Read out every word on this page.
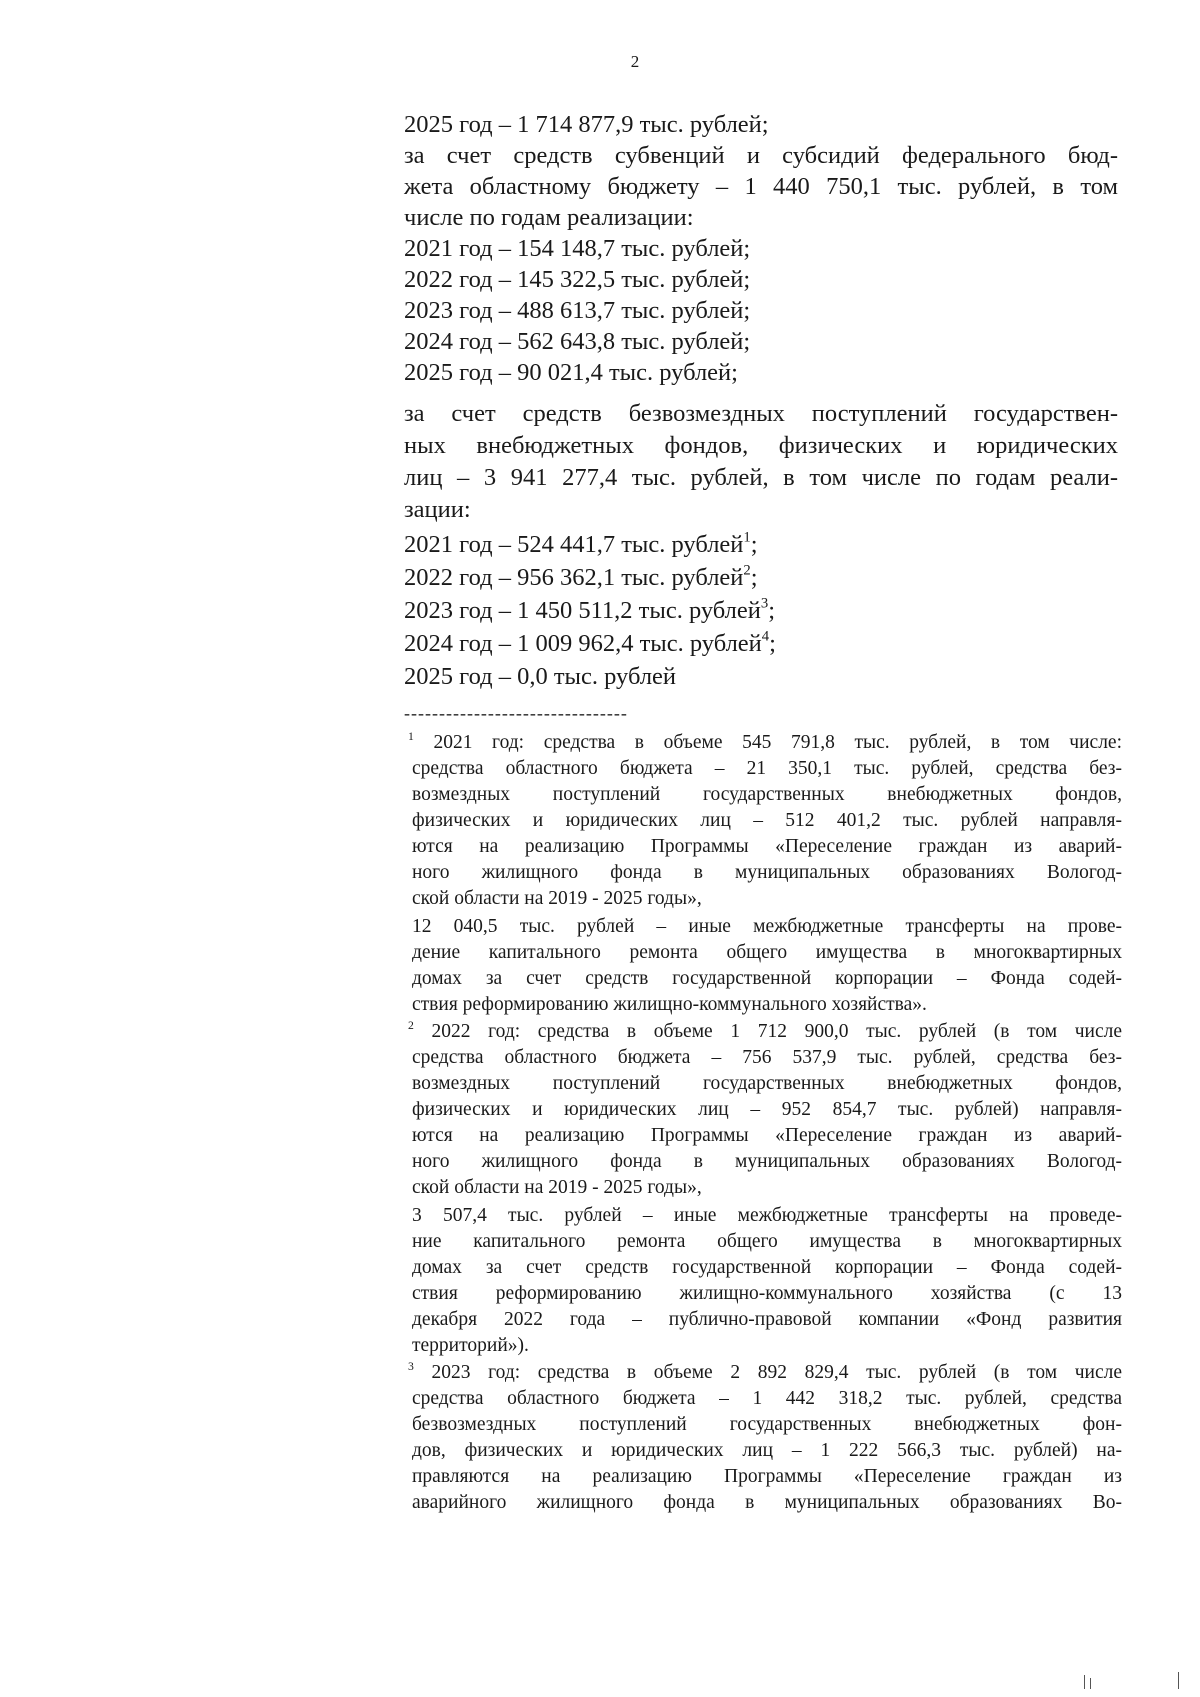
2
2025 год – 1 714 877,9 тыс. рублей;
за счет средств субвенций и субсидий федерального бюд-
жета областному бюджету – 1 440 750,1 тыс. рублей, в том
числе по годам реализации:
2021 год – 154 148,7 тыс. рублей;
2022 год – 145 322,5 тыс. рублей;
2023 год – 488 613,7 тыс. рублей;
2024 год – 562 643,8 тыс. рублей;
2025 год – 90 021,4 тыс. рублей;
за счет средств безвозмездных поступлений государствен-
ных внебюджетных фондов, физических и юридических
лиц – 3 941 277,4 тыс. рублей, в том числе по годам реали-
зации:
2021 год – 524 441,7 тыс. рублей$^1$;
2022 год – 956 362,1 тыс. рублей$^2$;
2023 год – 1 450 511,2 тыс. рублей$^3$;
2024 год – 1 009 962,4 тыс. рублей$^4$;
2025 год – 0,0 тыс. рублей
--------------------------------
$^1$ 2021 год: средства в объеме 545 791,8 тыс. рублей, в том числе:
средства областного бюджета – 21 350,1 тыс. рублей, средства без-
возмездных поступлений государственных внебюджетных фондов,
физических и юридических лиц – 512 401,2 тыс. рублей направля-
ются на реализацию Программы «Переселение граждан из аварий-
ного жилищного фонда в муниципальных образованиях Вологод-
ской области на 2019 - 2025 годы»,
12 040,5 тыс. рублей – иные межбюджетные трансферты на прове-
дение капитального ремонта общего имущества в многоквартирных
домах за счет средств государственной корпорации – Фонда содей-
ствия реформированию жилищно-коммунального хозяйства».
$^2$ 2022 год: средства в объеме 1 712 900,0 тыс. рублей (в том числе
средства областного бюджета – 756 537,9 тыс. рублей, средства без-
возмездных поступлений государственных внебюджетных фондов,
физических и юридических лиц – 952 854,7 тыс. рублей) направля-
ются на реализацию Программы «Переселение граждан из аварий-
ного жилищного фонда в муниципальных образованиях Вологод-
ской области на 2019 - 2025 годы»,
3 507,4 тыс. рублей – иные межбюджетные трансферты на проведе-
ние капитального ремонта общего имущества в многоквартирных
домах за счет средств государственной корпорации – Фонда содей-
ствия реформированию жилищно-коммунального хозяйства (с 13
декабря 2022 года – публично-правовой компании «Фонд развития
территорий»).
$^3$ 2023 год: средства в объеме 2 892 829,4 тыс. рублей (в том числе
средства областного бюджета – 1 442 318,2 тыс. рублей, средства
безвозмездных поступлений государственных внебюджетных фон-
дов, физических и юридических лиц – 1 222 566,3 тыс. рублей) на-
правляются на реализацию Программы «Переселение граждан из
аварийного жилищного фонда в муниципальных образованиях Во-
